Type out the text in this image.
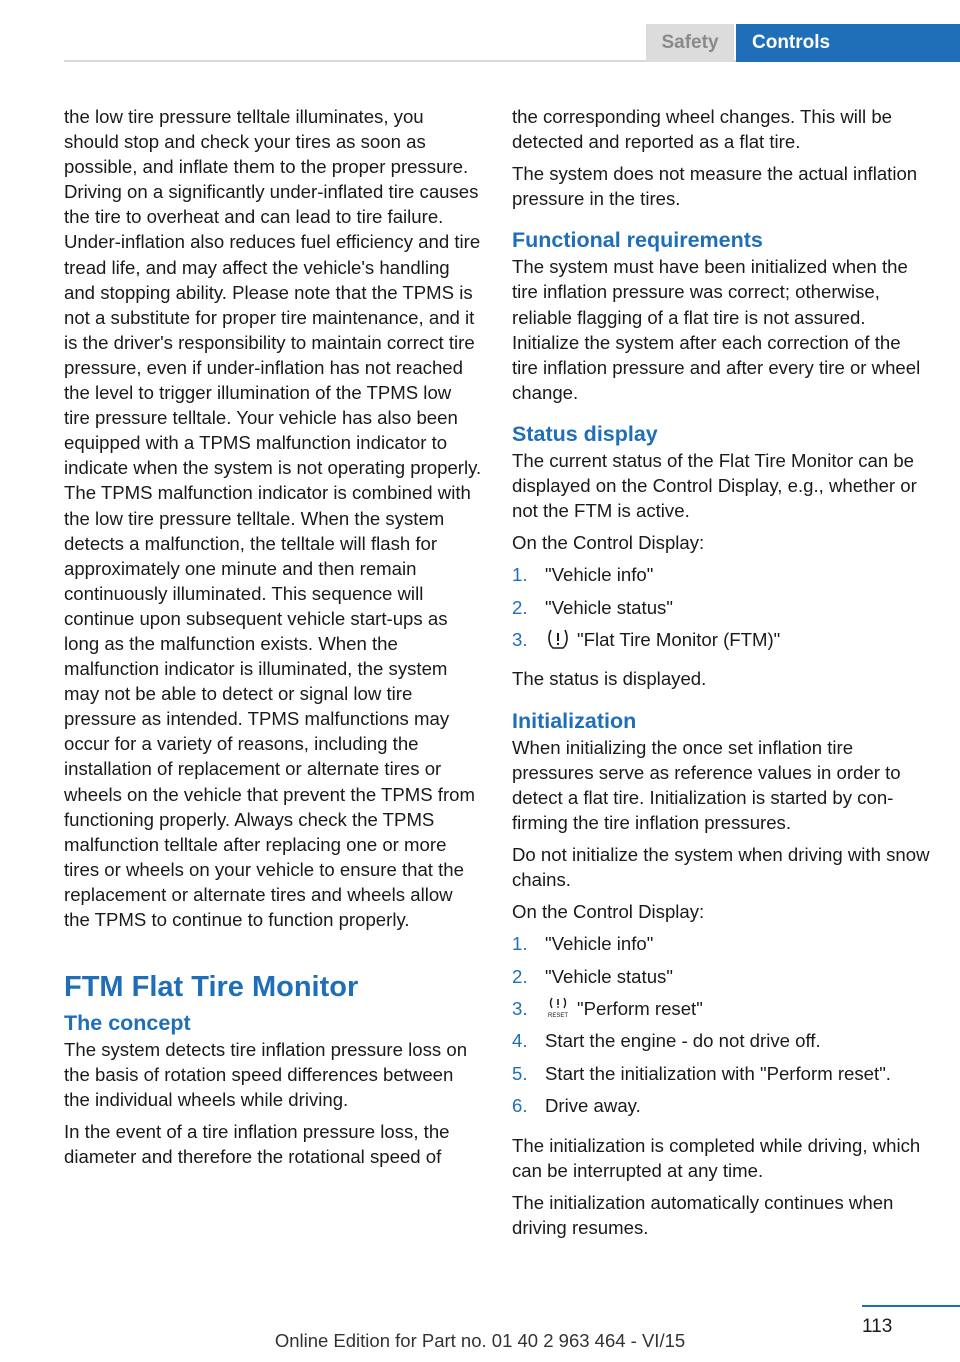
Safety	Controls

the low tire pressure telltale illuminates, you should stop and check your tires as soon as possible, and inflate them to the proper pressure. Driving on a significantly under-inflated tire causes the tire to overheat and can lead to tire failure. Under-inflation also reduces fuel efficiency and tire tread life, and may affect the vehicle's handling and stopping ability. Please note that the TPMS is not a substitute for proper tire maintenance, and it is the driver's responsibility to maintain correct tire pressure, even if under-inflation has not reached the level to trigger illumination of the TPMS low tire pressure telltale. Your vehicle has also been equipped with a TPMS malfunction indicator to indicate when the system is not operating properly. The TPMS malfunction indicator is combined with the low tire pressure telltale. When the system detects a malfunction, the telltale will flash for approximately one minute and then remain continuously illuminated. This sequence will continue upon subsequent vehicle start-ups as long as the malfunction exists. When the malfunction indicator is illuminated, the system may not be able to detect or signal low tire pressure as intended. TPMS malfunctions may occur for a variety of reasons, including the installation of replacement or alternate tires or wheels on the vehicle that prevent the TPMS from functioning properly. Always check the TPMS malfunction telltale after replacing one or more tires or wheels on your vehicle to ensure that the replacement or alternate tires and wheels allow the TPMS to continue to function properly.

FTM Flat Tire Monitor
The concept

The system detects tire inflation pressure loss on the basis of rotation speed differences between the individual wheels while driving.

In the event of a tire inflation pressure loss, the diameter and therefore the rotational speed of

the corresponding wheel changes. This will be detected and reported as a flat tire.

The system does not measure the actual inflation pressure in the tires.

Functional requirements

The system must have been initialized when the tire inflation pressure was correct; otherwise, reliable flagging of a flat tire is not assured. Initialize the system after each correction of the tire inflation pressure and after every tire or wheel change.

Status display

The current status of the Flat Tire Monitor can be displayed on the Control Display, e.g., whether or not the FTM is active.

On the Control Display:

1. "Vehicle info"
2. "Vehicle status"
3.	"Flat Tire Monitor (FTM)"

The status is displayed.

Initialization

When initializing the once set inflation tire pressures serve as reference values in order to detect a flat tire. Initialization is started by confirming the tire inflation pressures.

Do not initialize the system when driving with snow chains.

On the Control Display:

1. "Vehicle info"
2. "Vehicle status"
3.	RESET "Perform reset"
4. Start the engine - do not drive off.
5. Start the initialization with "Perform reset".
6. Drive away.

The initialization is completed while driving, which can be interrupted at any time.

The initialization automatically continues when driving resumes.

113
Online Edition for Part no. 01 40 2 963 464 - VI/15
